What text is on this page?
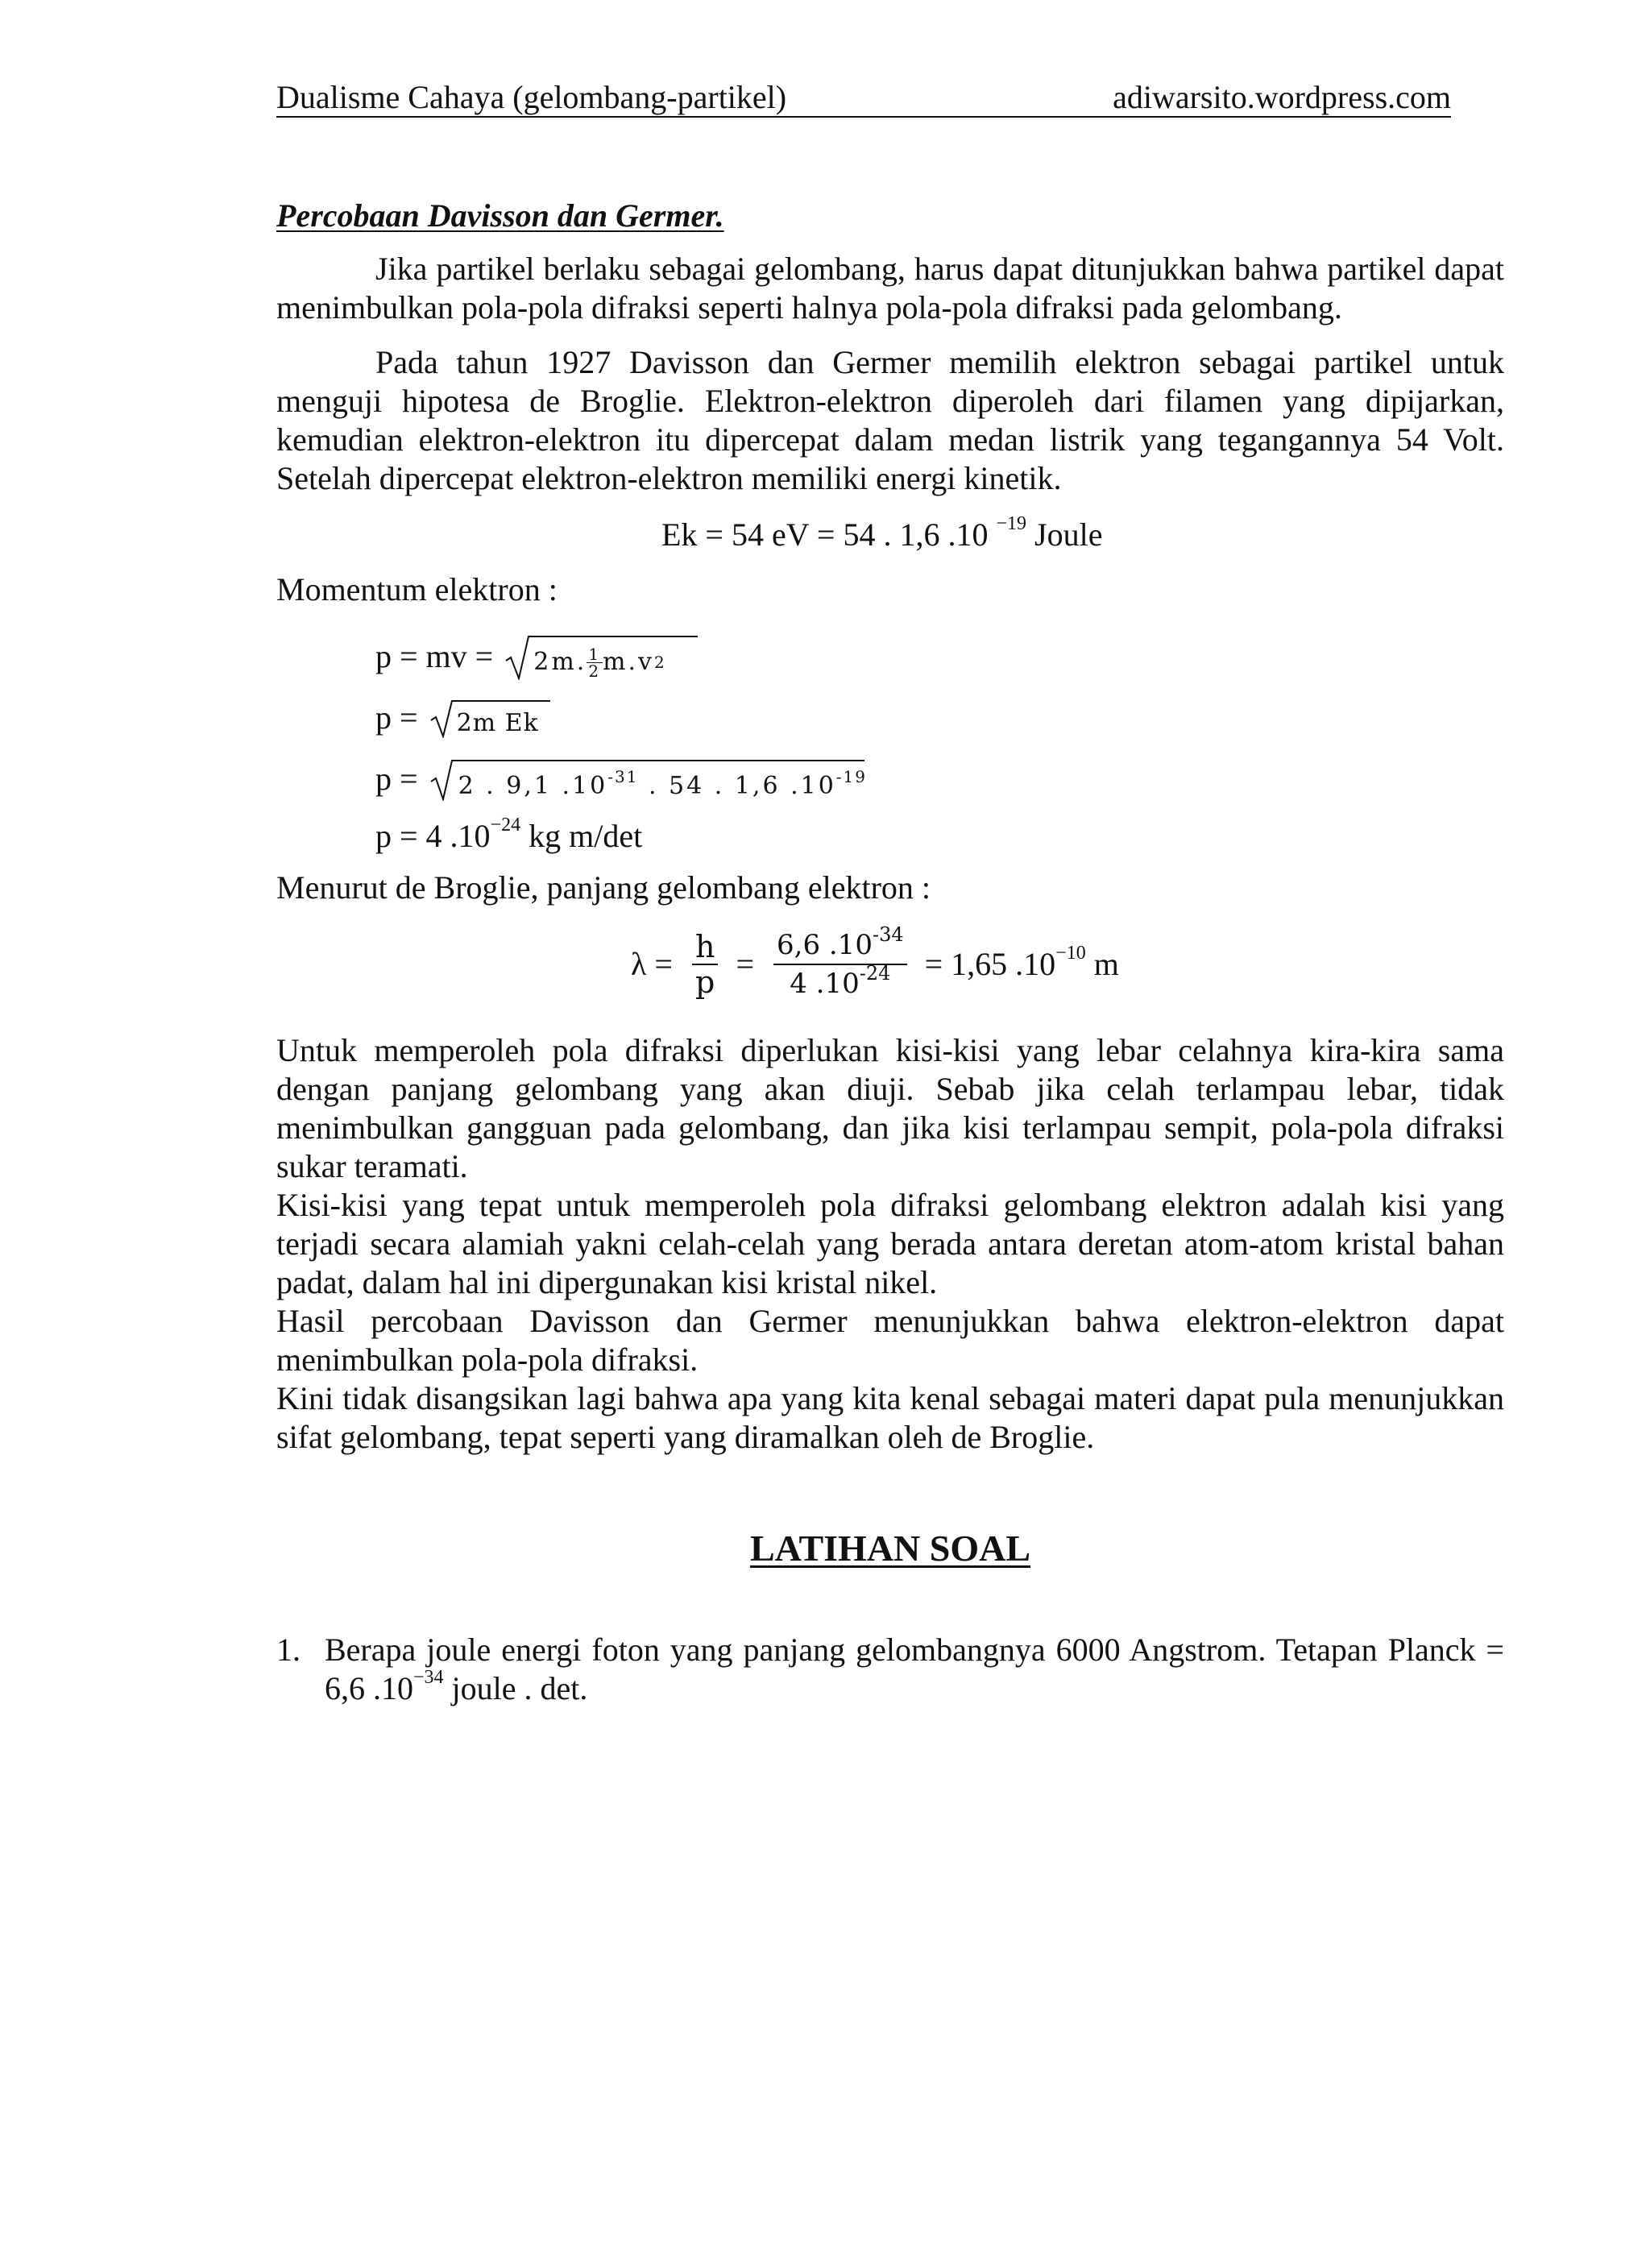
Dualisme Cahaya (gelombang-partikel)	adiwarsito.wordpress.com
Percobaan Davisson dan Germer.

Jika partikel berlaku sebagai gelombang, harus dapat ditunjukkan bahwa partikel dapat menimbulkan pola-pola difraksi seperti halnya pola-pola difraksi pada gelombang.

Pada tahun 1927 Davisson dan Germer memilih elektron sebagai partikel untuk menguji hipotesa de Broglie. Elektron-elektron diperoleh dari filamen yang dipijarkan, kemudian elektron-elektron itu dipercepat dalam medan listrik yang tegangannya 54 Volt. Setelah dipercepat elektron-elektron memiliki energi kinetik.

Ek = 54 eV = 54 . 1,6 .10 $^{-19}$ Joule

Momentum elektron :

p = mv = 2m. $\frac{1}{2} m.v$ 2
p = 2m Ek
p = 2 . 9,1 $.10^{-31}$ . 54 . 1,6 $.10^{-19}$
p = 4 $.10^{-24}$ kg m/det

Menurut de Broglie, panjang gelombang elektron :

$\lambda = \frac{h}{p} = \frac{6,6 .10^{-34}}{4 .10^{-24}} = 1,65$ $.10^{-10}$ m

Untuk memperoleh pola difraksi diperlukan kisi-kisi yang lebar celahnya kira-kira sama dengan panjang gelombang yang akan diuji. Sebab jika celah terlampau lebar, tidak menimbulkan gangguan pada gelombang, dan jika kisi terlampau sempit, pola-pola difraksi sukar teramati.

Kisi-kisi yang tepat untuk memperoleh pola difraksi gelombang elektron adalah kisi yang terjadi secara alamiah yakni celah-celah yang berada antara deretan atom-atom kristal bahan padat, dalam hal ini dipergunakan kisi kristal nikel.

Hasil percobaan Davisson dan Germer menunjukkan bahwa elektron-elektron dapat menimbulkan pola-pola difraksi.

Kini tidak disangsikan lagi bahwa apa yang kita kenal sebagai materi dapat pula menunjukkan sifat gelombang, tepat seperti yang diramalkan oleh de Broglie.

LATIHAN SOAL
1. Berapa joule energi foton yang panjang gelombangnya 6000 Angstrom. Tetapan Planck = 6,6 $.10^{-34}$ joule . det.
